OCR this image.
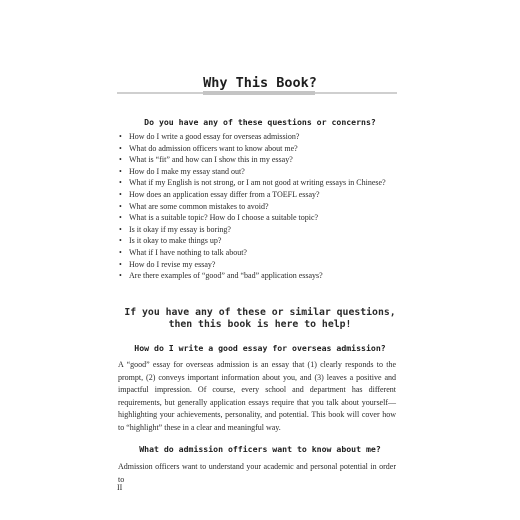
Why This Book?
Do you have any of these questions or concerns?
• How do I write a good essay for overseas admission?
• What do admission officers want to know about me?
• What is “fit” and how can I show this in my essay?
• How do I make my essay stand out?
• What if my English is not strong, or I am not good at writing essays in Chinese?
• How does an application essay differ from a TOEFL essay?
• What are some common mistakes to avoid?
• What is a suitable topic? How do I choose a suitable topic?
• Is it okay if my essay is boring?
• Is it okay to make things up?
• What if I have nothing to talk about?
• How do I revise my essay?
• Are there examples of “good” and “bad” application essays?
If you have any of these or similar questions,
then this book is here to help!
How do I write a good essay for overseas admission?

A “good” essay for overseas admission is an essay that (1) clearly responds to the prompt, (2) conveys important information about you, and (3) leaves a positive and impactful impression. Of course, every school and department has different requirements, but generally application essays require that you talk about yourself—highlighting your achievements, personality, and potential. This book will cover how to “highlight” these in a clear and meaningful way.

What do admission officers want to know about me?

Admission officers want to understand your academic and personal potential in order to

II
